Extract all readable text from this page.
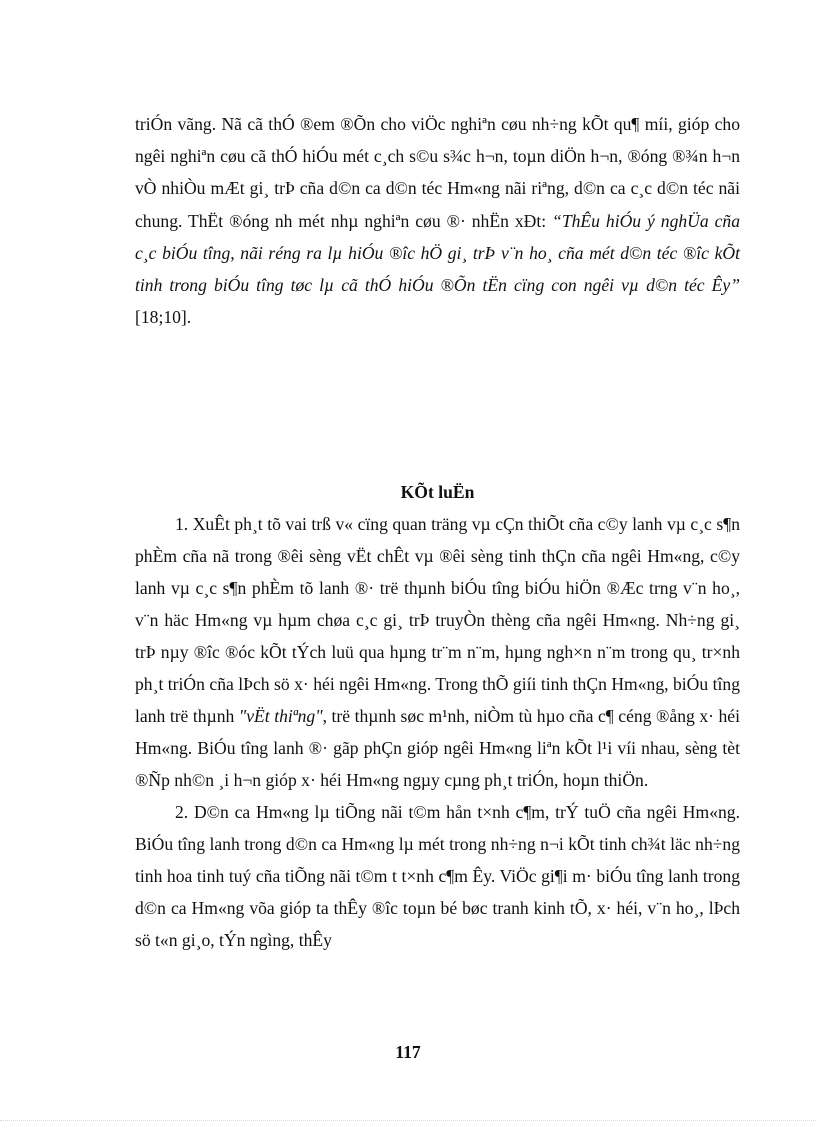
triÓn vãng. Nã cã thÓ ®em ®Õn cho viÖc nghiªn cøu nh÷ng kÕt qu¶ míi, gióp cho ngêi nghiªn cøu cã thÓ hiÓu mét c¸ch s©u s¾c h¬n, toµn diÖn h¬n, ®óng ®¾n h¬n vÒ nhiÒu mÆt gi¸ trÞ cña d©n ca d©n téc Hm«ng nãi riªng, d©n ca c¸c d©n téc nãi chung. ThËt ®óng nh mét nhµ nghiªn cøu ®· nhËn xÐt: “ThÊu hiÓu ý nghÜa cña c¸c biÓu tîng, nãi réng ra lµ hiÓu ®îc hÖ gi¸ trÞ v¨n ho¸ cña mét d©n téc ®îc kÕt tinh trong biÓu tîng tøc lµ cã thÓ hiÓu ®Õn tËn cïng con ngêi vµ d©n téc Êy” [18;10].
KÕt luËn

1. XuÊt ph¸t tõ vai trß v« cïng quan träng vµ cÇn thiÕt cña c©y lanh vµ c¸c s¶n phÈm cña nã trong ®êi sèng vËt chÊt vµ ®êi sèng tinh thÇn cña ngêi Hm«ng, c©y lanh vµ c¸c s¶n phÈm tõ lanh ®· trë thµnh biÓu tîng biÓu hiÖn ®Æc trng v¨n ho¸, v¨n häc Hm«ng vµ hµm chøa c¸c gi¸ trÞ truyÒn thèng cña ngêi Hm«ng. Nh÷ng gi¸ trÞ nµy ®îc ®óc kÕt tÝch luü qua hµng tr¨m n¨m, hµng ngh×n n¨m trong qu¸ tr×nh ph¸t triÓn cña lÞch sö x· héi ngêi Hm«ng. Trong thÕ giíi tinh thÇn Hm«ng, biÓu tîng lanh trë thµnh "vËt thiªng", trë thµnh søc m¹nh, niÒm tù hµo cña c¶ céng ®ång x· héi Hm«ng. BiÓu tîng lanh ®· gãp phÇn gióp ngêi Hm«ng liªn kÕt l¹i víi nhau, sèng tèt ®Ñp nh©n ¸i h¬n gióp x· héi Hm«ng ngµy cµng ph¸t triÓn, hoµn thiÖn.

2. D©n ca Hm«ng lµ tiÕng nãi t©m hån t×nh c¶m, trÝ tuÖ cña ngêi Hm«ng. BiÓu tîng lanh trong d©n ca Hm«ng lµ mét trong nh÷ng n¬i kÕt tinh ch¾t läc nh÷ng tinh hoa tinh tuý cña tiÕng nãi t©m t t×nh c¶m Êy. ViÖc gi¶i m· biÓu tîng lanh trong d©n ca Hm«ng võa gióp ta thÊy ®îc toµn bé bøc tranh kinh tÕ, x· héi, v¨n ho¸, lÞch sö t«n gi¸o, tÝn ngìng, thÊy

117
